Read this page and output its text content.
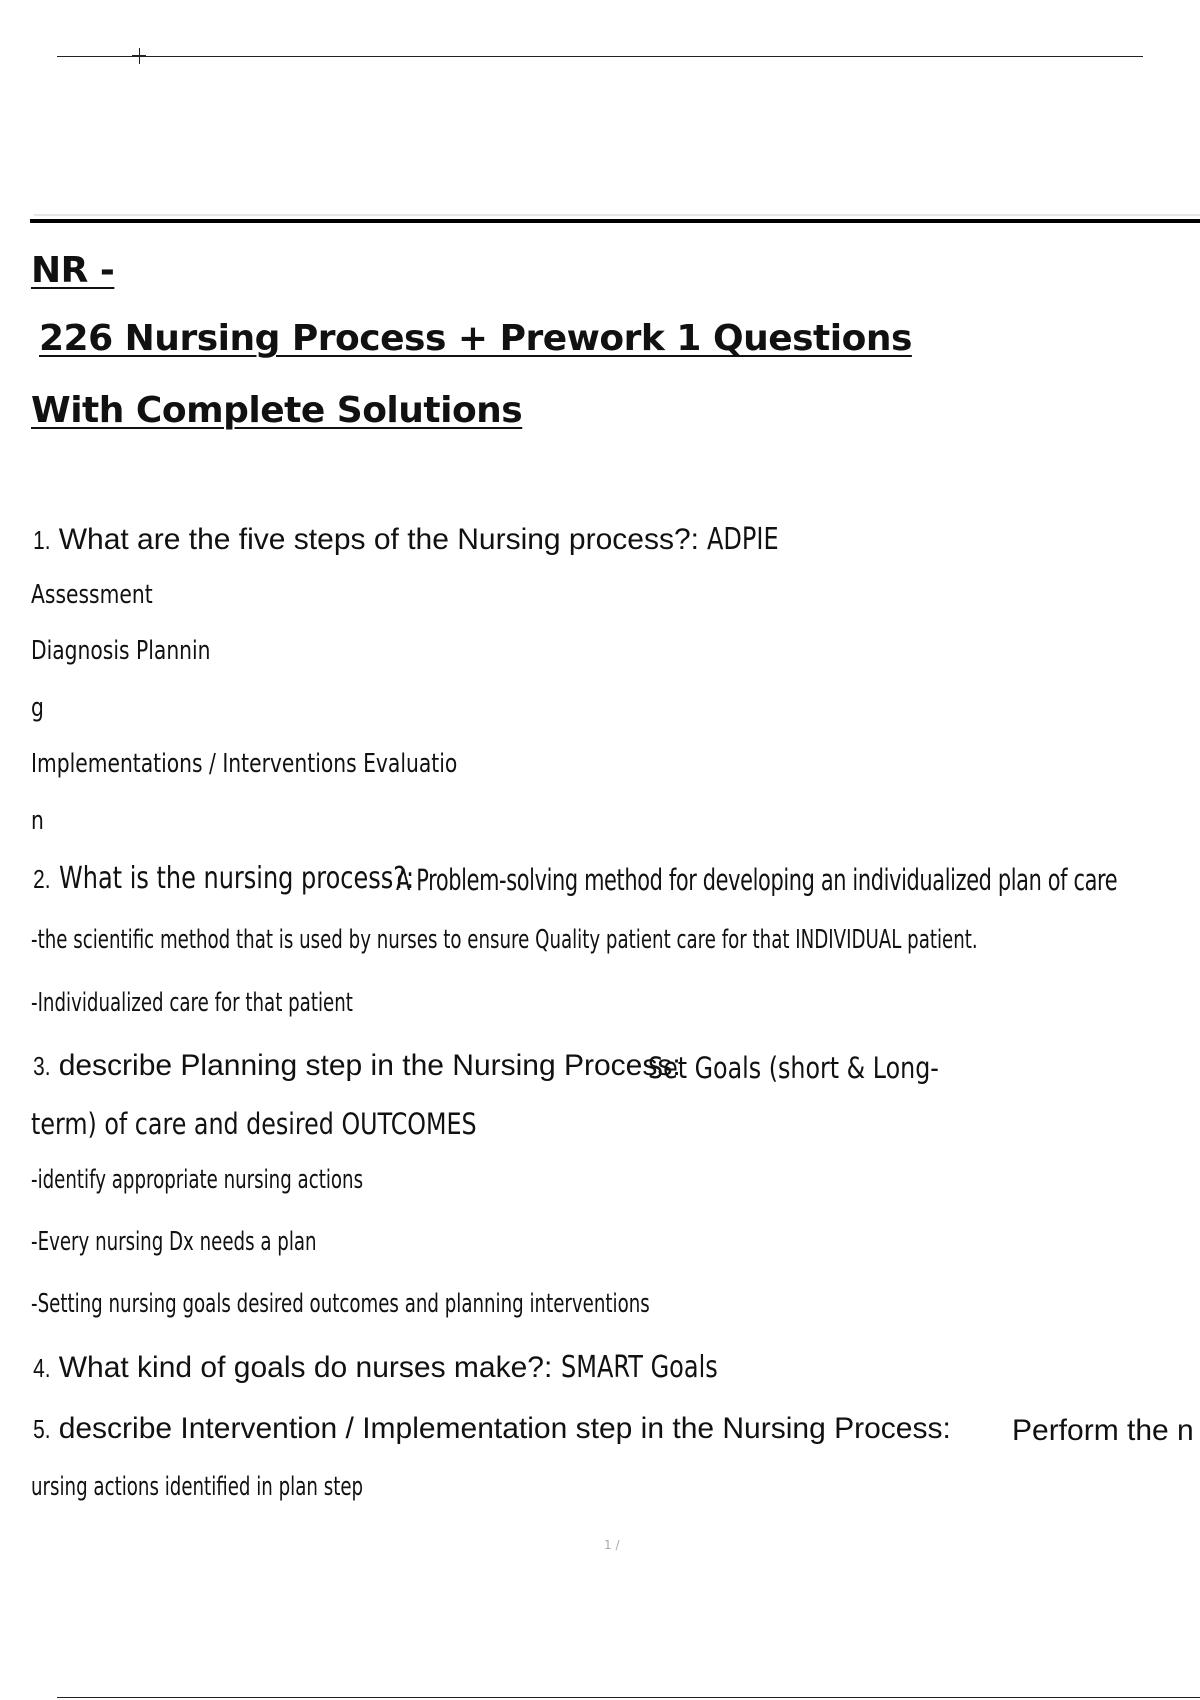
NR -
226 Nursing Process + Prework 1 Questions
With Complete Solutions
1. What are the five steps of the Nursing process?: ADPIE
Assessment
Diagnosis Plannin
g
Implementations / Interventions Evaluatio
n
2. What is the nursing process?:
A Problem-solving method for developing an individualized plan of care
-the scientific method that is used by nurses to ensure Quality patient care for that INDIVIDUAL patient.
-Individualized care for that patient
3. describe Planning step in the Nursing Process:
Set Goals (short & Long-
term) of care and desired OUTCOMES
-identify appropriate nursing actions
-Every nursing Dx needs a plan
-Setting nursing goals desired outcomes and planning interventions
4. What kind of goals do nurses make?: SMART Goals
5. describe Intervention / Implementation step in the Nursing Process: Perform the n
ursing actions identified in plan step
1 /
